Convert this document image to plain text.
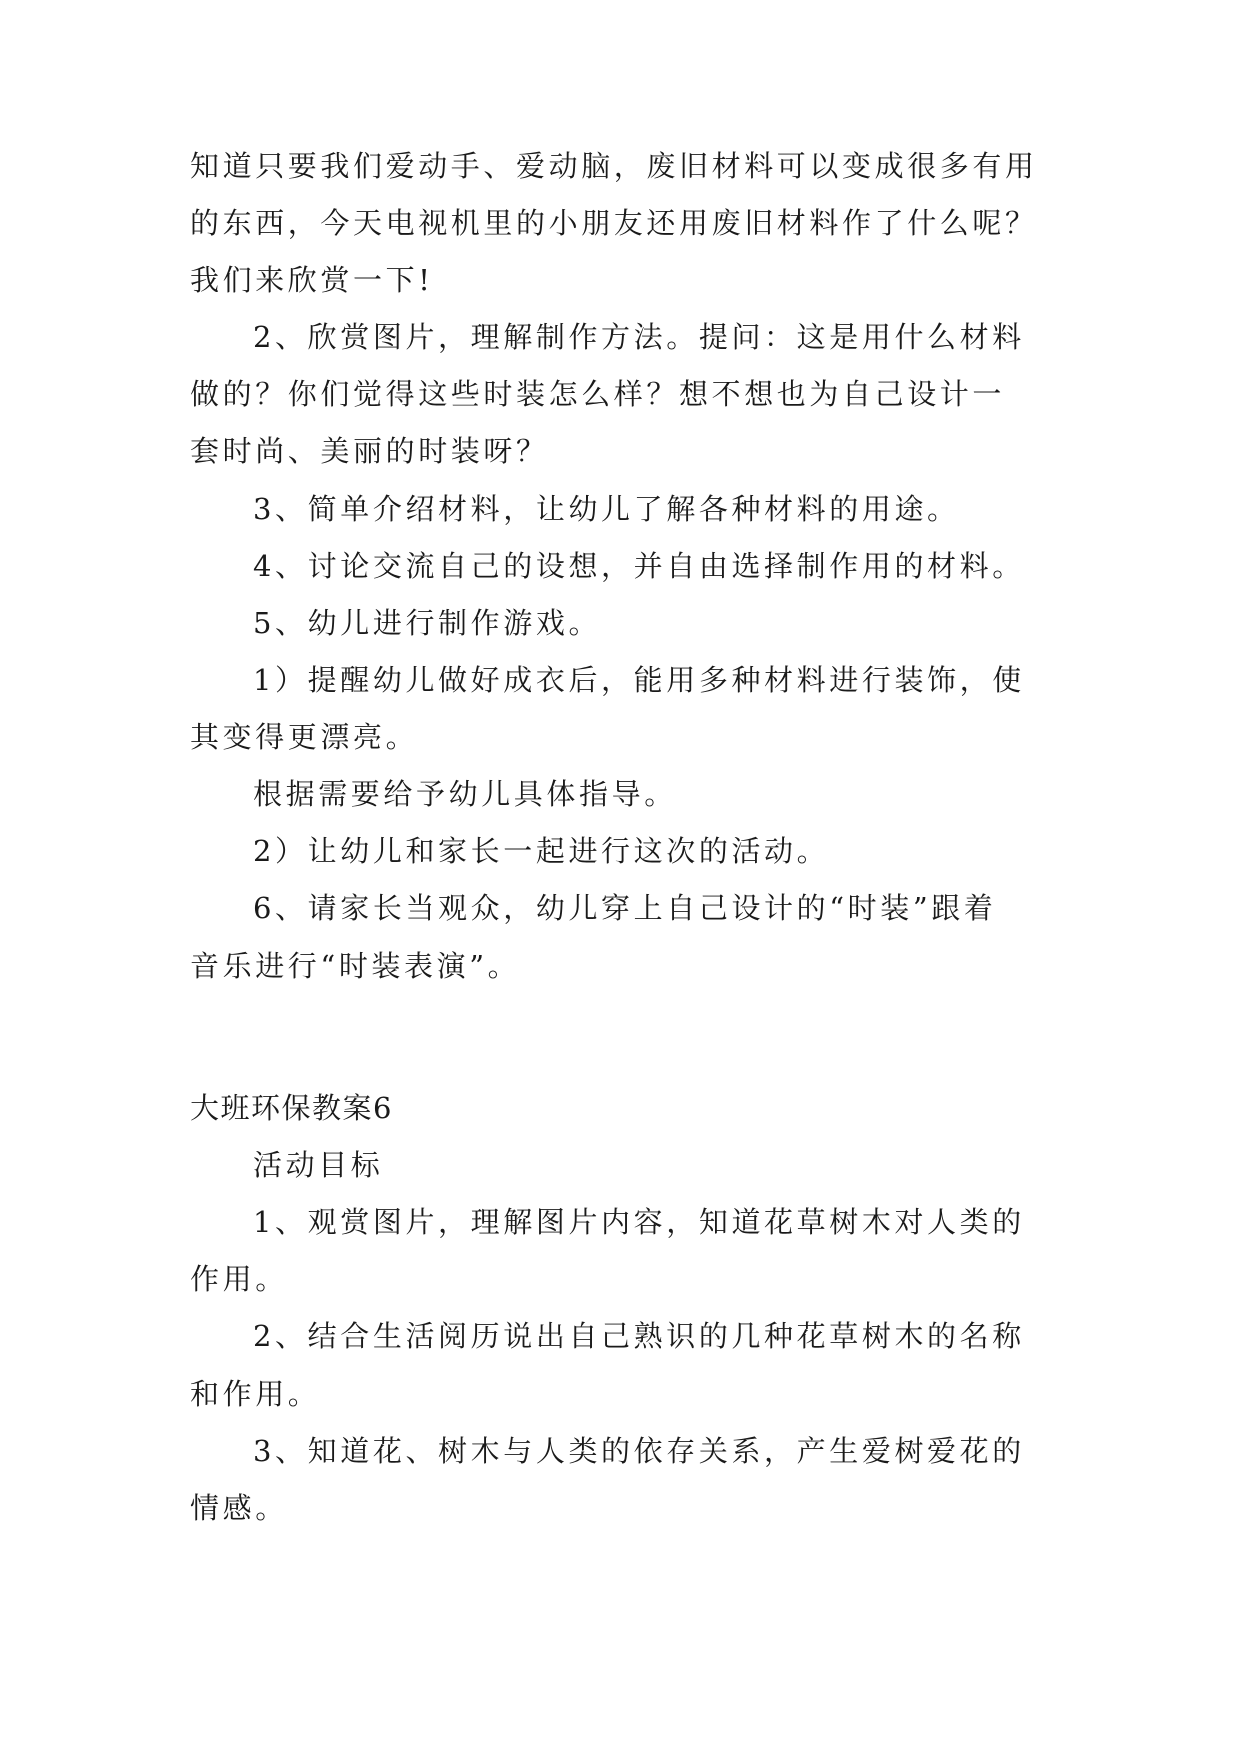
知道只要我们爱动手、爱动脑，废旧材料可以变成很多有用
的东西，今天电视机里的小朋友还用废旧材料作了什么呢？
我们来欣赏一下!
2、欣赏图片，理解制作方法。提问：这是用什么材料
做的？你们觉得这些时装怎么样？想不想也为自己设计一
套时尚、美丽的时装呀？
3、简单介绍材料，让幼儿了解各种材料的用途。
4、讨论交流自己的设想，并自由选择制作用的材料。
5、幼儿进行制作游戏。
1）提醒幼儿做好成衣后，能用多种材料进行装饰，使
其变得更漂亮。
根据需要给予幼儿具体指导。
2）让幼儿和家长一起进行这次的活动。
6、请家长当观众，幼儿穿上自己设计的“时装”跟着
音乐进行“时装表演”。
大班环保教案6
活动目标
1、观赏图片，理解图片内容，知道花草树木对人类的
作用。
2、结合生活阅历说出自己熟识的几种花草树木的名称
和作用。
3、知道花、树木与人类的依存关系，产生爱树爱花的
情感。
